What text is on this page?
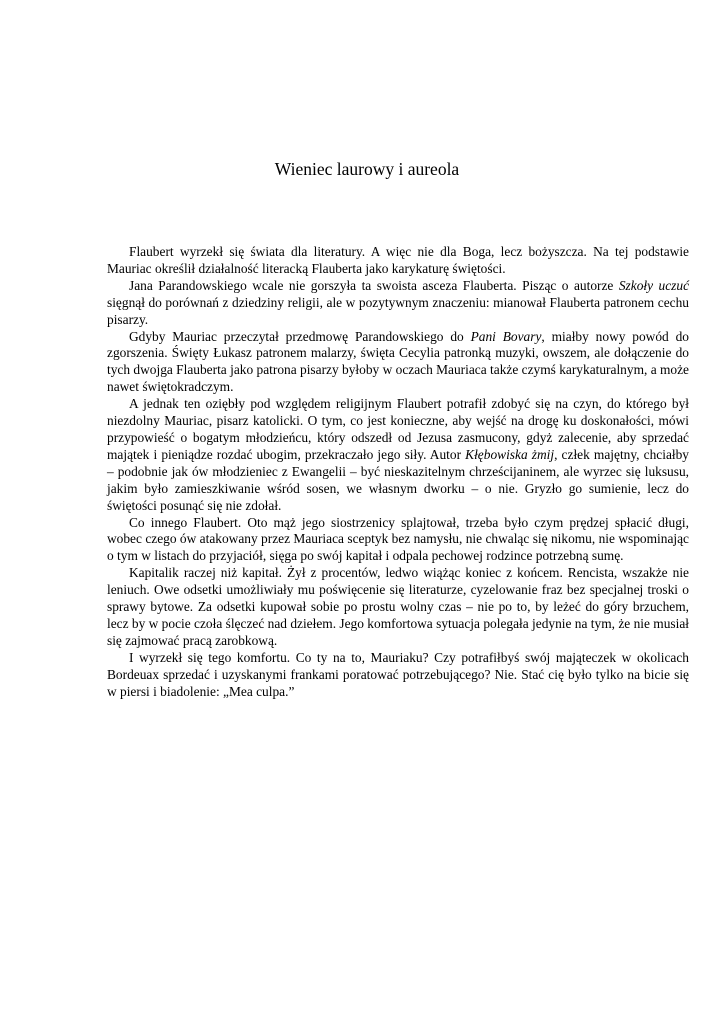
Wieniec laurowy i aureola

Flaubert wyrzekł się świata dla literatury. A więc nie dla Boga, lecz bożyszcza. Na tej podstawie Mauriac określił działalność literacką Flauberta jako karykaturę świętości.

Jana Parandowskiego wcale nie gorszyła ta swoista asceza Flauberta. Pisząc o autorze Szkoły uczuć sięgnął do porównań z dziedziny religii, ale w pozytywnym znaczeniu: mianował Flauberta patronem cechu pisarzy.

Gdyby Mauriac przeczytał przedmowę Parandowskiego do Pani Bovary, miałby nowy powód do zgorszenia. Święty Łukasz patronem malarzy, święta Cecylia patronką muzyki, owszem, ale dołączenie do tych dwojga Flauberta jako patrona pisarzy byłoby w oczach Mauriaca także czymś karykaturalnym, a może nawet świętokradczym.

A jednak ten oziębły pod względem religijnym Flaubert potrafił zdobyć się na czyn, do którego był niezdolny Mauriac, pisarz katolicki. O tym, co jest konieczne, aby wejść na drogę ku doskonałości, mówi przypowieść o bogatym młodzieńcu, który odszedł od Jezusa zasmucony, gdyż zalecenie, aby sprzedać majątek i pieniądze rozdać ubogim, przekraczało jego siły. Autor Kłębowiska żmij, człek majętny, chciałby – podobnie jak ów młodzieniec z Ewangelii – być nieskazitelnym chrześcijaninem, ale wyrzec się luksusu, jakim było zamieszkiwanie wśród sosen, we własnym dworku – o nie. Gryzło go sumienie, lecz do świętości posunąć się nie zdołał.

Co innego Flaubert. Oto mąż jego siostrzenicy splajtował, trzeba było czym prędzej spłacić długi, wobec czego ów atakowany przez Mauriaca sceptyk bez namysłu, nie chwaląc się nikomu, nie wspominając o tym w listach do przyjaciół, sięga po swój kapitał i odpala pechowej rodzince potrzebną sumę.

Kapitalik raczej niż kapitał. Żył z procentów, ledwo wiążąc koniec z końcem. Rencista, wszakże nie leniuch. Owe odsetki umożliwiały mu poświęcenie się literaturze, cyzelowanie fraz bez specjalnej troski o sprawy bytowe. Za odsetki kupował sobie po prostu wolny czas – nie po to, by leżeć do góry brzuchem, lecz by w pocie czoła ślęczeć nad dziełem. Jego komfortowa sytuacja polegała jedynie na tym, że nie musiał się zajmować pracą zarobkową.

I wyrzekł się tego komfortu. Co ty na to, Mauriaku? Czy potrafiłbyś swój mająteczek w okolicach Bordeuax sprzedać i uzyskanymi frankami poratować potrzebującego? Nie. Stać cię było tylko na bicie się w piersi i biadolenie: „Mea culpa.”
